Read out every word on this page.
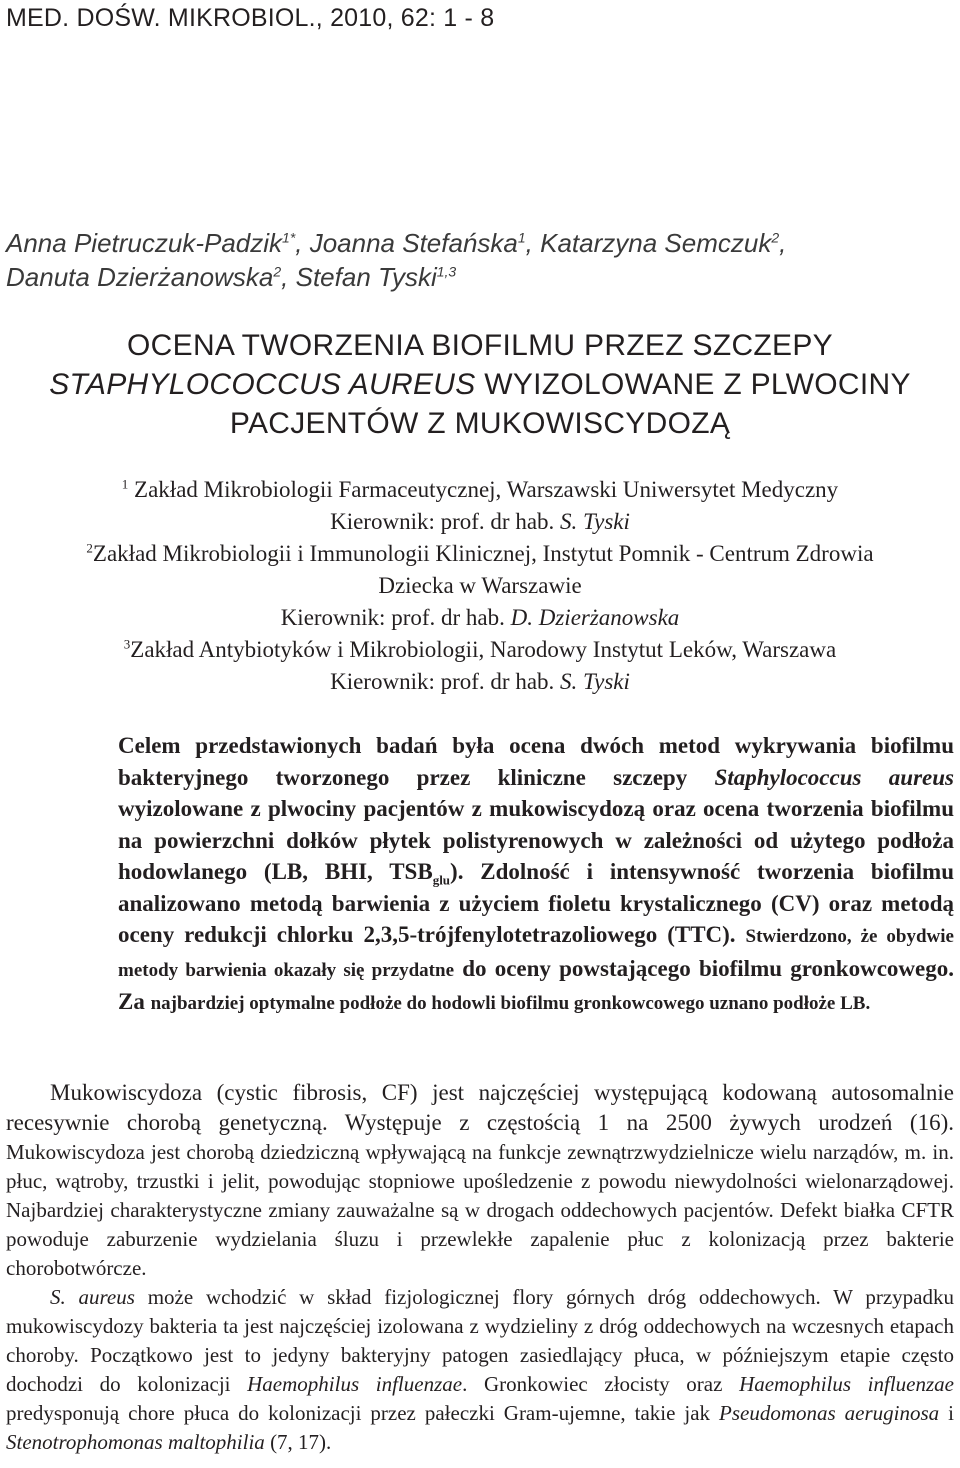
MED. DOŚW. MIKROBIOL., 2010, 62: 1 - 8
Anna Pietruczuk-Padzik$^{1*}$, Joanna Stefańska$^1$, Katarzyna Semczuk$^2$,
Danuta Dzierżanowska$^2$, Stefan Tyski$^{1,3}$
OCENA TWORZENIA BIOFILMU PRZEZ SZCZEPY
STAPHYLOCOCCUS AUREUS WYIZOLOWANE Z PLWOCINY
PACJENTÓW Z MUKOWISCYDOZĄ
$^1$ Zakład Mikrobiologii Farmaceutycznej, Warszawski Uniwersytet Medyczny
Kierownik: prof. dr hab. S. Tyski
$^2$Zakład Mikrobiologii i Immunologii Klinicznej, Instytut Pomnik - Centrum Zdrowia
Dziecka w Warszawie
Kierownik: prof. dr hab. D. Dzierżanowska
$^3$Zakład Antybiotyków i Mikrobiologii, Narodowy Instytut Leków, Warszawa
Kierownik: prof. dr hab. S. Tyski
Celem przedstawionych badań była ocena dwóch metod wykrywania biofilmu bakteryjnego tworzonego przez kliniczne szczepy Staphylococcus aureus wyizolowane z plwociny pacjentów z mukowiscydozą oraz ocena tworzenia biofilmu na powierzchni dołków płytek polistyrenowych w zależności od użytego podłoża hodowlanego (LB, BHI, $TSB_{glu}$). Zdolność i intensywność tworzenia biofilmu analizowano metodą barwienia z użyciem fioletu krystalicznego (CV) oraz metodą oceny redukcji chlorku 2,3,5-trójfenylotetrazoliowego (TTC). Stwierdzono, że obydwie metody barwienia okazały się przydatne do oceny powstającego biofilmu gronkowcowego. Za najbardziej optymalne podłoże do hodowli biofilmu gronkowcowego uznano podłoże LB.

Mukowiscydoza (cystic fibrosis, CF) jest najczęściej występującą kodowaną autosomalnie recesywnie chorobą genetyczną. Występuje z częstością 1 na 2500 żywych urodzeń (16). Mukowiscydoza jest chorobą dziedziczną wpływającą na funkcje zewnątrzwydzielnicze wielu narządów, m. in. płuc, wątroby, trzustki i jelit, powodując stopniowe upośledzenie z powodu niewydolności wielonarządowej. Najbardziej charakterystyczne zmiany zauważalne są w drogach oddechowych pacjentów. Defekt białka CFTR powoduje zaburzenie wydzielania śluzu i przewlekłe zapalenie płuc z kolonizacją przez bakterie chorobotwórcze.

S. aureus może wchodzić w skład fizjologicznej flory górnych dróg oddechowych. W przypadku mukowiscydozy bakteria ta jest najczęściej izolowana z wydzieliny z dróg oddechowych na wczesnych etapach choroby. Początkowo jest to jedyny bakteryjny patogen zasiedlający płuca, w późniejszym etapie często dochodzi do kolonizacji Haemophilus influenzae. Gronkowiec złocisty oraz Haemophilus influenzae predysponują chore płuca do kolonizacji przez pałeczki Gram-ujemne, takie jak Pseudomonas aeruginosa i Stenotrophomonas maltophilia (7, 17).
